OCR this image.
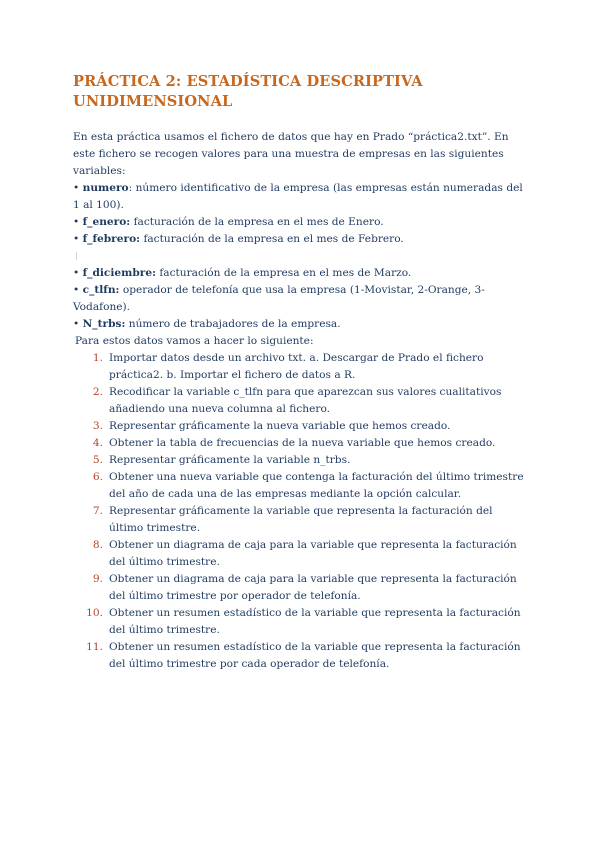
PRÁCTICA 2: ESTADÍSTICA DESCRIPTIVA UNIDIMENSIONAL

En esta práctica usamos el fichero de datos que hay en Prado “práctica2.txt”. En este fichero se recogen valores para una muestra de empresas en las siguientes variables:

• numero: número identificativo de la empresa (las empresas están numeradas del 1 al 100).

• f_enero: facturación de la empresa en el mes de Enero.

• f_febrero: facturación de la empresa en el mes de Febrero.

• f_diciembre: facturación de la empresa en el mes de Marzo.

• c_tlfn: operador de telefonía que usa la empresa (1-Movistar, 2-Orange, 3- Vodafone).

• N_trbs: número de trabajadores de la empresa.

Para estos datos vamos a hacer lo siguiente:

1. Importar datos desde un archivo txt. a. Descargar de Prado el fichero práctica2. b. Importar el fichero de datos a R.
2. Recodificar la variable c_tlfn para que aparezcan sus valores cualitativos añadiendo una nueva columna al fichero.
3. Representar gráficamente la nueva variable que hemos creado.
4. Obtener la tabla de frecuencias de la nueva variable que hemos creado.
5. Representar gráficamente la variable n_trbs.
6. Obtener una nueva variable que contenga la facturación del último trimestre del año de cada una de las empresas mediante la opción calcular.
7. Representar gráficamente la variable que representa la facturación del último trimestre.
8. Obtener un diagrama de caja para la variable que representa la facturación del último trimestre.
9. Obtener un diagrama de caja para la variable que representa la facturación del último trimestre por operador de telefonía.
10. Obtener un resumen estadístico de la variable que representa la facturación del último trimestre.
11. Obtener un resumen estadístico de la variable que representa la facturación del último trimestre por cada operador de telefonía.
